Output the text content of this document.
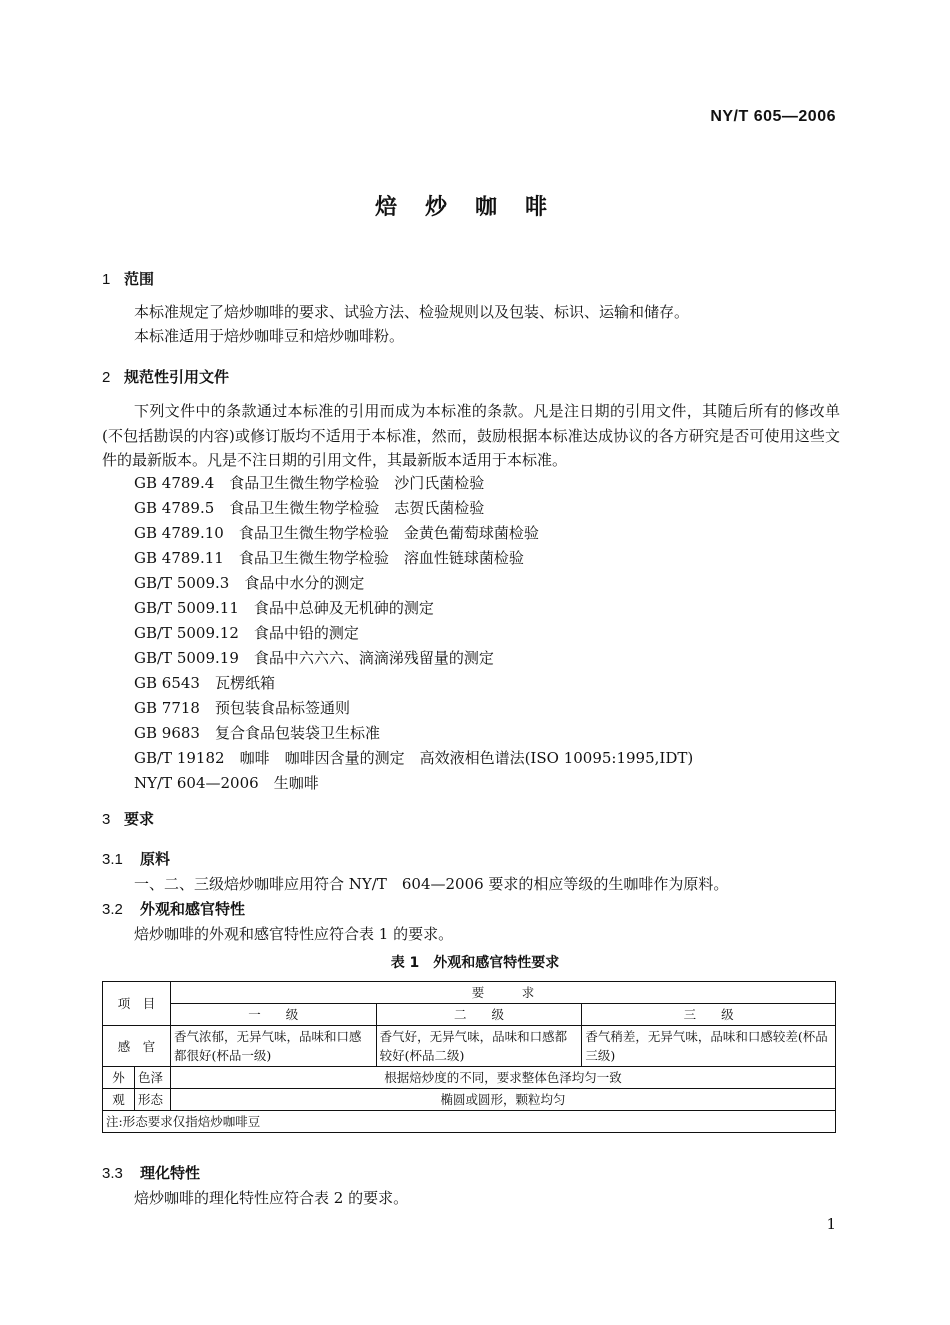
NY/T 605—2006
焙炒咖啡
1 范围
本标准规定了焙炒咖啡的要求、试验方法、检验规则以及包装、标识、运输和储存。
本标准适用于焙炒咖啡豆和焙炒咖啡粉。
2 规范性引用文件
下列文件中的条款通过本标准的引用而成为本标准的条款。凡是注日期的引用文件，其随后所有的修改单(不包括勘误的内容)或修订版均不适用于本标准，然而，鼓励根据本标准达成协议的各方研究是否可使用这些文件的最新版本。凡是不注日期的引用文件，其最新版本适用于本标准。
GB 4789.4　 食品卫生微生物学检验　沙门氏菌检验
GB 4789.5　 食品卫生微生物学检验　志贺氏菌检验
GB 4789.10　 食品卫生微生物学检验　金黄色葡萄球菌检验
GB 4789.11　 食品卫生微生物学检验　溶血性链球菌检验
GB/T 5009.3　 食品中水分的测定
GB/T 5009.11　 食品中总砷及无机砷的测定
GB/T 5009.12　 食品中铅的测定
GB/T 5009.19　 食品中六六六、滴滴涕残留量的测定
GB 6543　 瓦楞纸箱
GB 7718　 预包装食品标签通则
GB 9683　 复合食品包装袋卫生标准
GB/T 19182　 咖啡　咖啡因含量的测定　高效液相色谱法(ISO 10095:1995,IDT)
NY/T 604—2006　 生咖啡
3 要求
3.1 原料
一、二、三级焙炒咖啡应用符合 NY/T　604—2006 要求的相应等级的生咖啡作为原料。
3.2 外观和感官特性
焙炒咖啡的外观和感官特性应符合表 1 的要求。
表 1　外观和感官特性要求
项　目		要　　　求		
		一　　级	二　　级	三　　级
感　官		香气浓郁，无异气味，品味和口感都很好(杯品一级)	香气好，无异气味，品味和口感都较好(杯品二级)	香气稍差，无异气味，品味和口感较差(杯品三级)
外	色泽	根据焙炒度的不同，要求整体色泽均匀一致		
观	形态	椭圆或圆形，颗粒均匀		
注:形态要求仅指焙炒咖啡豆				
3.3 理化特性
焙炒咖啡的理化特性应符合表 2 的要求。
1
